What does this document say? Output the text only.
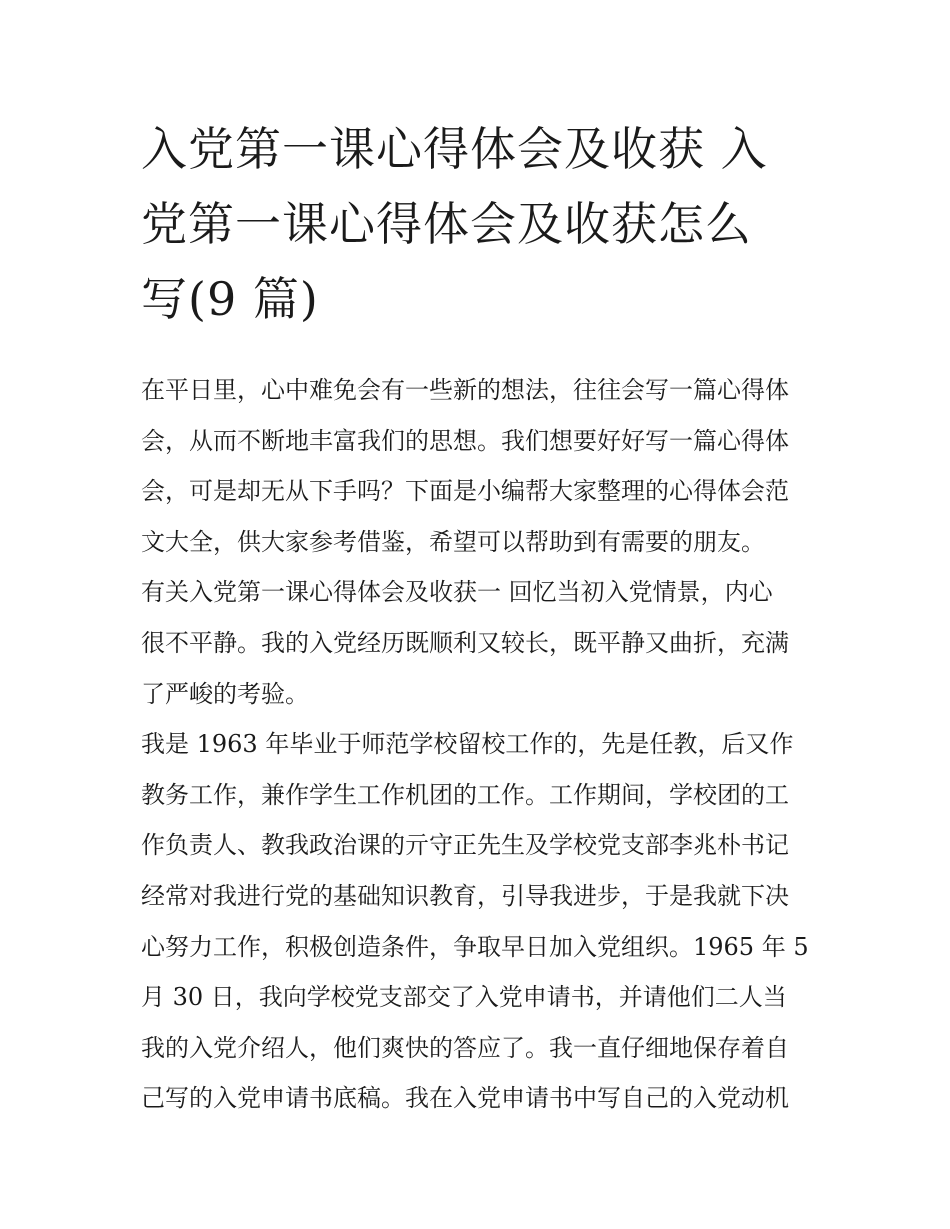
入党第一课心得体会及收获 入
党第一课心得体会及收获怎么
写(9 篇)
在平日里，心中难免会有一些新的想法，往往会写一篇心得体
会，从而不断地丰富我们的思想。我们想要好好写一篇心得体
会，可是却无从下手吗？下面是小编帮大家整理的心得体会范
文大全，供大家参考借鉴，希望可以帮助到有需要的朋友。
有关入党第一课心得体会及收获一 回忆当初入党情景，内心
很不平静。我的入党经历既顺利又较长，既平静又曲折，充满
了严峻的考验。
我是 1963 年毕业于师范学校留校工作的，先是任教，后又作
教务工作，兼作学生工作机团的工作。工作期间，学校团的工
作负责人、教我政治课的亓守正先生及学校党支部李兆朴书记
经常对我进行党的基础知识教育，引导我进步，于是我就下决
心努力工作，积极创造条件，争取早日加入党组织。1965 年 5
月 30 日，我向学校党支部交了入党申请书，并请他们二人当
我的入党介绍人，他们爽快的答应了。我一直仔细地保存着自
己写的入党申请书底稿。我在入党申请书中写自己的入党动机
